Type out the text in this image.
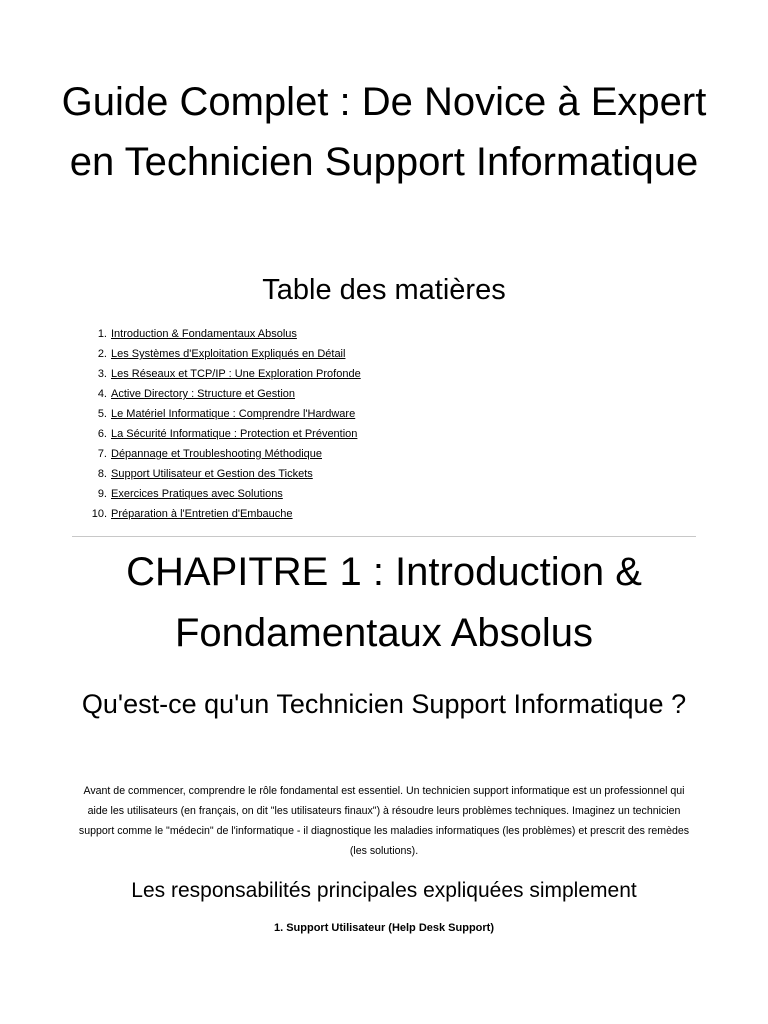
Guide Complet : De Novice à Expert en Technicien Support Informatique
Table des matières
1. Introduction & Fondamentaux Absolus
2. Les Systèmes d'Exploitation Expliqués en Détail
3. Les Réseaux et TCP/IP : Une Exploration Profonde
4. Active Directory : Structure et Gestion
5. Le Matériel Informatique : Comprendre l'Hardware
6. La Sécurité Informatique : Protection et Prévention
7. Dépannage et Troubleshooting Méthodique
8. Support Utilisateur et Gestion des Tickets
9. Exercices Pratiques avec Solutions
10. Préparation à l'Entretien d'Embauche
CHAPITRE 1 : Introduction & Fondamentaux Absolus
Qu'est-ce qu'un Technicien Support Informatique ?

Avant de commencer, comprendre le rôle fondamental est essentiel. Un technicien support informatique est un professionnel qui aide les utilisateurs (en français, on dit "les utilisateurs finaux") à résoudre leurs problèmes techniques. Imaginez un technicien support comme le "médecin" de l'informatique - il diagnostique les maladies informatiques (les problèmes) et prescrit des remèdes (les solutions).

Les responsabilités principales expliquées simplement

1. Support Utilisateur (Help Desk Support)
